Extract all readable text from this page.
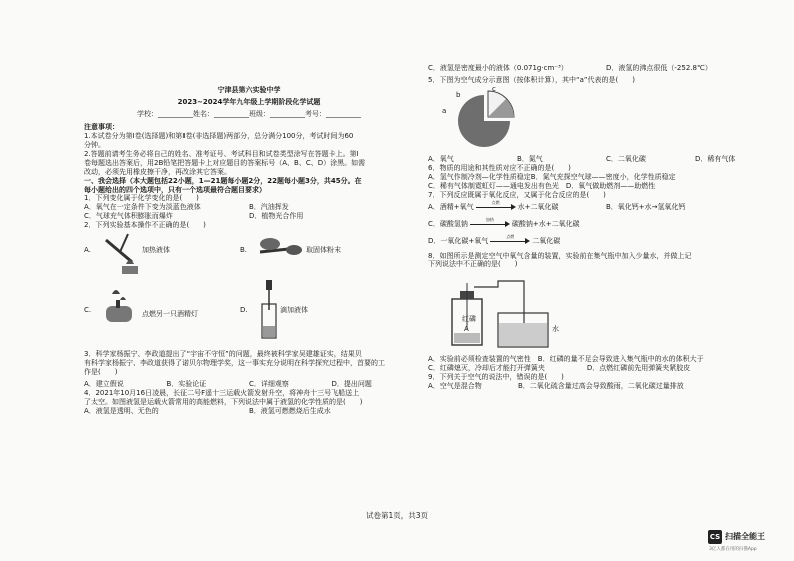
宁津县第六实验中学
2023~2024学年九年级上学期阶段化学试题
学校：__________姓名：__________班级：__________考号：__________
注意事项：
1.本试卷分为第Ⅰ卷(选择题)和第Ⅱ卷(非选择题)两部分，总分满分100分，考试时间为60
分钟。
2.答题前请考生务必将自己的姓名、准考证号、考试科目和试卷类型涂写在答题卡上。第Ⅰ
卷每题选出答案后，用2B铅笔把答题卡上对应题目的答案标号（A、B、C、D）涂黑。如需
改动，必须先用橡皮擦干净，再改涂其它答案。
一、我会选择（本大题包括22小题，1—21题每小题2分，22题每小题3分，共45分。在
每小题给出的四个选项中，只有一个选项最符合题目要求）
1．下列变化属于化学变化的是(　　)
A．氧气在一定条件下变为淡蓝色液体	B．汽油挥发
C．气球充气体积膨胀而爆炸	D．植物光合作用
2．下列实验基本操作不正确的是(　　)
A.	加热液体	B.	取固体粉末
C.	点燃另一只酒精灯	D.	滴加液体
3．科学家杨振宁、李政道提出了“宇宙不守恒”的问题，最终被科学家吴建雄证实，结果贝
有科学家杨振宁、李政道获得了诺贝尔物理学奖，这一事实充分说明在科学探究过程中，首要的工
作是(　　)
A．建立假说	B．实验论证	C．详细观察	D．提出问题
4．2021年10月16日凌晨，长征二号F遥十三运载火箭发射升空，将神舟十三号飞船送上
了太空。如图液氢是运载火箭常用的高能燃料，下列说法中属于液氢的化学性质的是(　　)
A．液氢是透明、无色的	B．液氢可燃燃烧后生成水
C．液氢是密度最小的液体（0.071g·cm⁻³）	D．液氢的沸点很低（-252.8℃）
5．下图为空气成分示意图（按体积计算），其中“a”代表的是(　　)
b
a
c
A．氧气	B．氮气	C．二氧化碳	D．稀有气体
6．物质的用途和其性质对应不正确的是(　　)
A．氢气作制冷剂—化学性质稳定B．氮气充探空气球——密度小，化学性质稳定
C．稀有气体制霓虹灯——通电发出有色光　D．氧气做助燃剂——助燃性
7．下列反应既属于氧化反应，又属于化合反应的是(　　)
A．酒精+氧气
点燃
水+二氧化碳	B．氧化钙+水→氢氧化钙
C．碳酸氢钠
加热
碳酸钠+水+二氧化碳
D．一氧化碳+氧气
点燃
二氧化碳
8．如图所示是测定空气中氧气含量的装置，实验前在集气瓶中加入少量水，并做上记
下列说法中不正确的是(　　)
红磷
A	水
A．实验前必须检查装置的气密性　B．红磷的量不足会导致进入集气瓶中的水的体积大于
C．红磷熄灭，冷却后才能打开弹簧夹　　　　　　D．点燃红磷前先用弹簧夹紧胶皮
9．下列关于空气的说法中，错误的是(　　)
A．空气是混合物	B．二氧化硫含量过高会导致酸雨，二氧化碳过量排放
试卷第1页，共3页
CS 扫描全能王
3亿人都在用的扫描App
